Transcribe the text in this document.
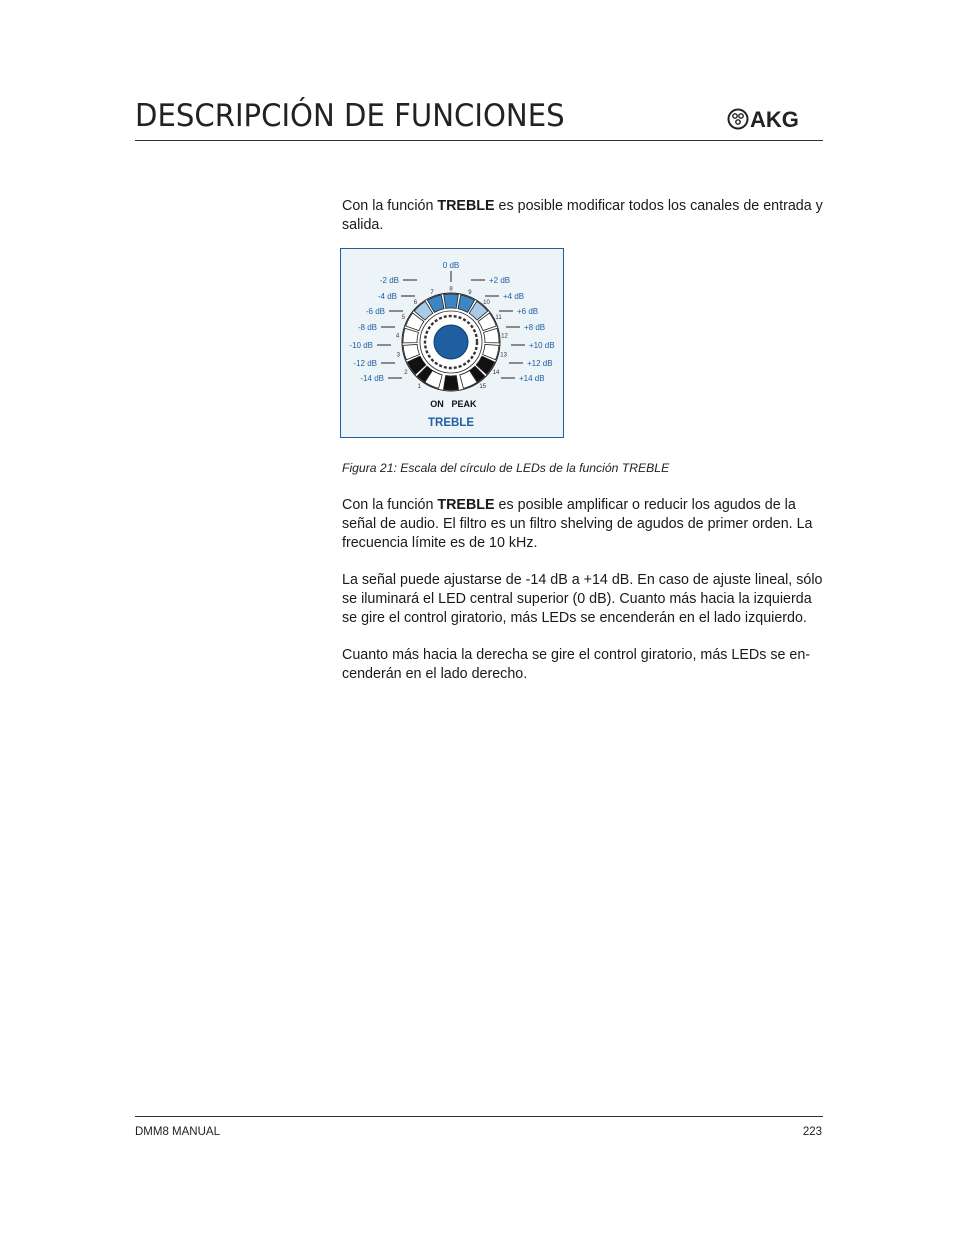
DESCRIPCIÓN DE FUNCIONES	AKG
Con la función TREBLE es posible modificar todos los canales de entrada y salida.
1
2
3
4
5
6
7
8
9
10
11
12
13
14
15
0 dB
-2 dB	+2 dB
-4 dB	+4 dB
-6 dB	+6 dB
-8 dB	+8 dB
-10 dB	+10 dB
-12 dB	+12 dB
-14 dB	+14 dB
ON PEAK
TREBLE
Figura 21: Escala del círculo de LEDs de la función TREBLE
Con la función TREBLE es posible amplificar o reducir los agudos de la señal de audio. El filtro es un filtro shelving de agudos de primer orden. La frecuencia límite es de 10 kHz.
La señal puede ajustarse de -14 dB a +14 dB. En caso de ajuste lineal, sólo se iluminará el LED central superior (0 dB). Cuanto más hacia la izquierda se gire el control giratorio, más LEDs se encenderán en el lado izquierdo.
Cuanto más hacia la derecha se gire el control giratorio, más LEDs se en-cenderán en el lado derecho.
DMM8 MANUAL	223
